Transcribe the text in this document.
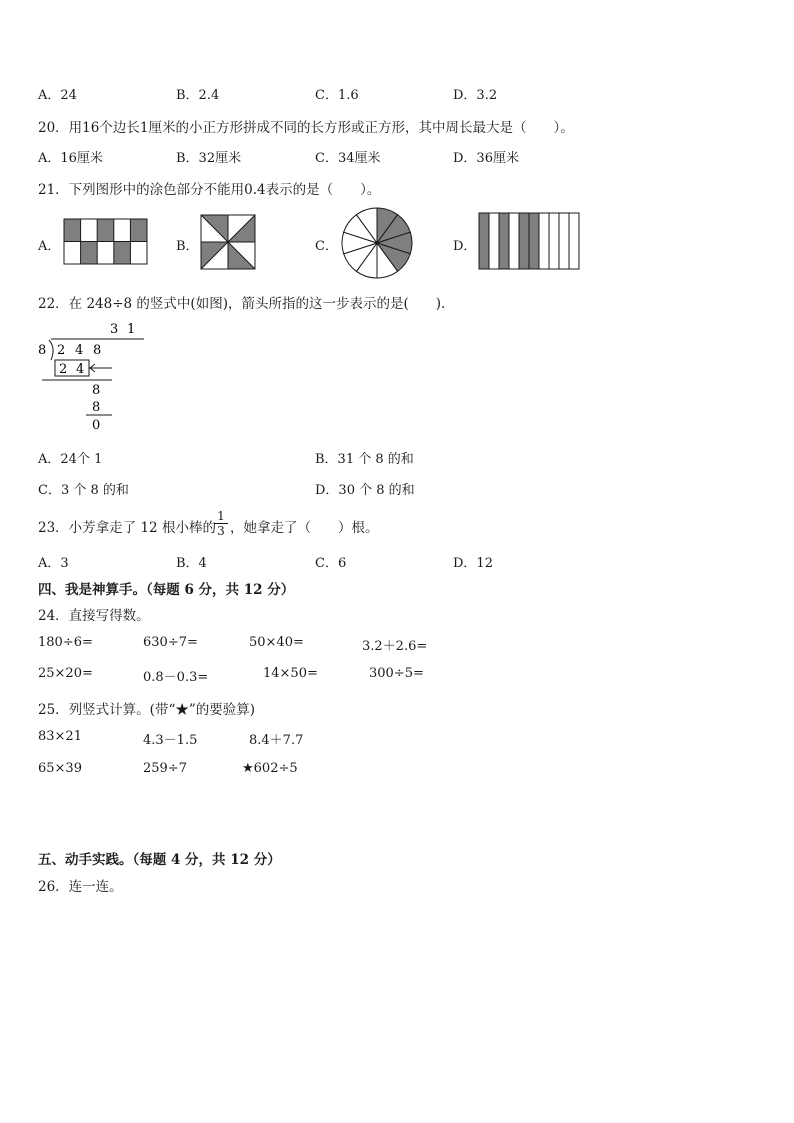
A．24	B．2.4	C．1.6	D．3.2
20．用16个边长1厘米的小正方形拼成不同的长方形或正方形，其中周长最大是（　　）。
A．16厘米	B．32厘米	C．34厘米	D．36厘米
21．下列图形中的涂色部分不能用0.4表示的是（　　）。
A．	B．	C．	D．
22．在 248÷8 的竖式中(如图)，箭头所指的这一步表示的是(　　).
3 1
8 2 4 8
2 4
8
8
0
A．24个 1	B．31 个 8 的和
C．3 个 8 的和	D．30 个 8 的和
23．小芳拿走了 12 根小棒的
1
3 ，她拿走了（　　）根。
A．3	B．4	C．6	D．12
四、我是神算手。（每题 6 分，共 12 分）
24．直接写得数。
180÷6=	630÷7=	50×40=	3.2＋2.6=
25×20=	0.8－0.3=	14×50=	300÷5=
25．列竖式计算。(带“★”的要验算)
83×21	4.3－1.5	8.4＋7.7
65×39	259÷7	★602÷5
五、动手实践。（每题 4 分，共 12 分）
26．连一连。
